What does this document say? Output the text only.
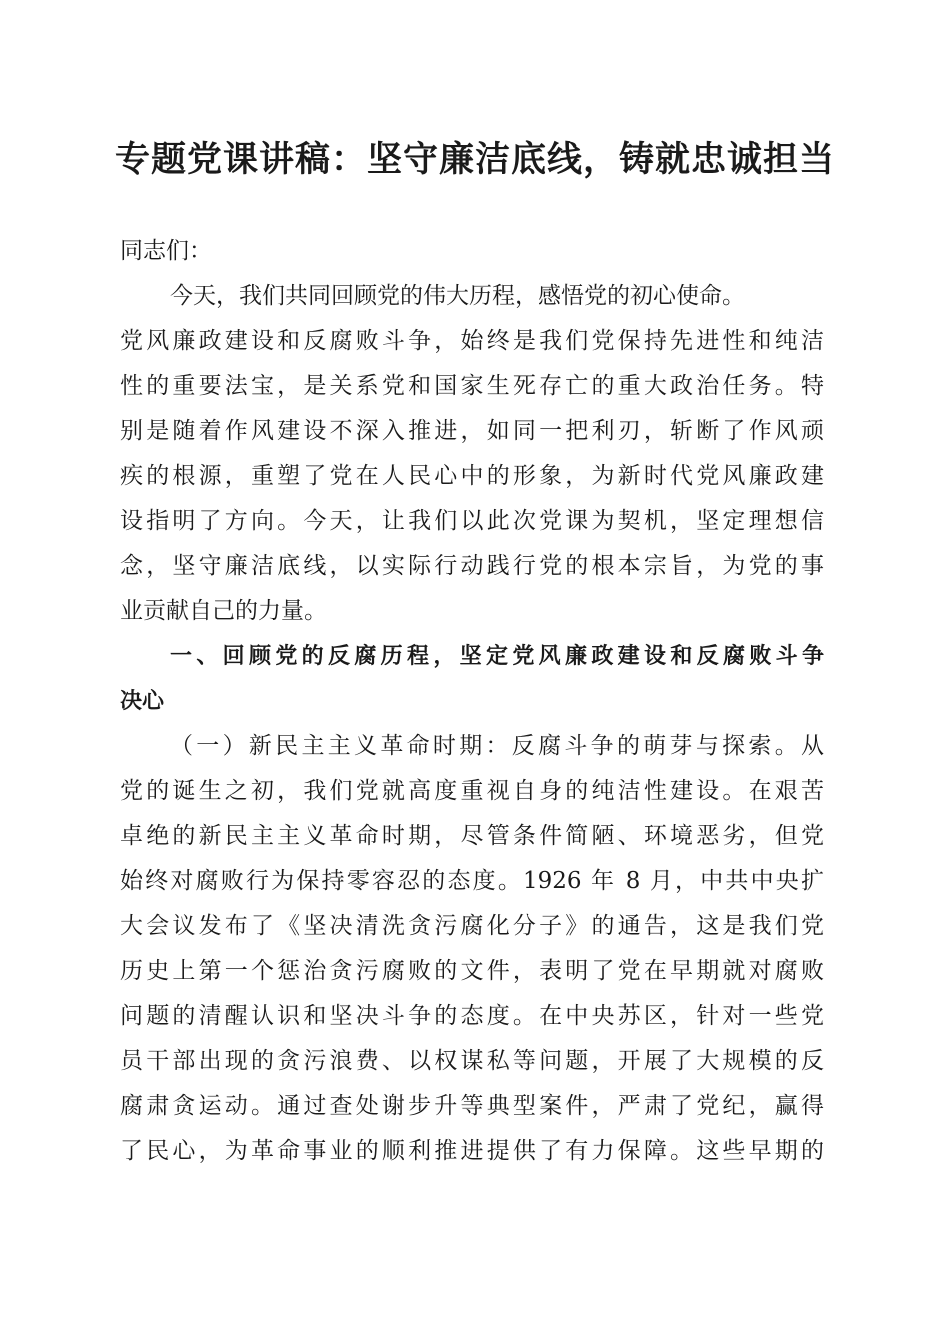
专题党课讲稿：坚守廉洁底线，铸就忠诚担当
同志们：
今天，我们共同回顾党的伟大历程，感悟党的初心使命。
党风廉政建设和反腐败斗争，始终是我们党保持先进性和纯洁
性的重要法宝，是关系党和国家生死存亡的重大政治任务。特
别是随着作风建设不深入推进，如同一把利刃，斩断了作风顽
疾的根源，重塑了党在人民心中的形象，为新时代党风廉政建
设指明了方向。今天，让我们以此次党课为契机，坚定理想信
念，坚守廉洁底线，以实际行动践行党的根本宗旨，为党的事
业贡献自己的力量。
一、回顾党的反腐历程，坚定党风廉政建设和反腐败斗争
决心
（一）新民主主义革命时期：反腐斗争的萌芽与探索。从
党的诞生之初，我们党就高度重视自身的纯洁性建设。在艰苦
卓绝的新民主主义革命时期，尽管条件简陋、环境恶劣，但党
始终对腐败行为保持零容忍的态度。1926 年 8 月，中共中央扩
大会议发布了《坚决清洗贪污腐化分子》的通告，这是我们党
历史上第一个惩治贪污腐败的文件，表明了党在早期就对腐败
问题的清醒认识和坚决斗争的态度。在中央苏区，针对一些党
员干部出现的贪污浪费、以权谋私等问题，开展了大规模的反
腐肃贪运动。通过查处谢步升等典型案件，严肃了党纪，赢得
了民心，为革命事业的顺利推进提供了有力保障。这些早期的
